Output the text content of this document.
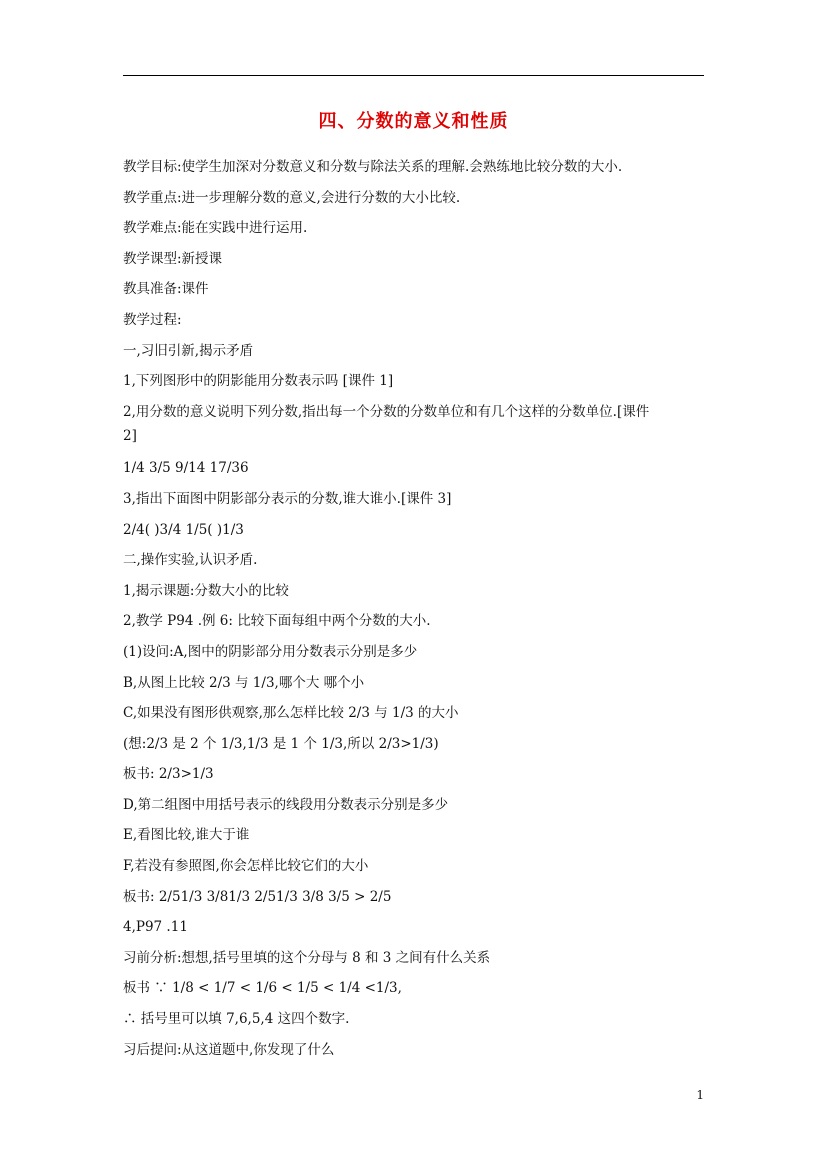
四、分数的意义和性质
教学目标:使学生加深对分数意义和分数与除法关系的理解.会熟练地比较分数的大小.
教学重点:进一步理解分数的意义,会进行分数的大小比较.
教学难点:能在实践中进行运用.
教学课型:新授课
教具准备:课件
教学过程:
一,习旧引新,揭示矛盾
1,下列图形中的阴影能用分数表示吗 [课件 1]
2,用分数的意义说明下列分数,指出每一个分数的分数单位和有几个这样的分数单位.[课件
2]
1/4 3/5 9/14 17/36
3,指出下面图中阴影部分表示的分数,谁大谁小.[课件 3]
2/4( )3/4 1/5( )1/3
二,操作实验,认识矛盾.
1,揭示课题:分数大小的比较
2,教学 P94 .例 6: 比较下面每组中两个分数的大小.
(1)设问:A,图中的阴影部分用分数表示分别是多少
B,从图上比较 2/3 与 1/3,哪个大 哪个小
C,如果没有图形供观察,那么怎样比较 2/3 与 1/3 的大小
(想:2/3 是 2 个 1/3,1/3 是 1 个 1/3,所以 2/3>1/3)
板书: 2/3>1/3
D,第二组图中用括号表示的线段用分数表示分别是多少
E,看图比较,谁大于谁
F,若没有参照图,你会怎样比较它们的大小
板书: 2/51/3 3/81/3 2/51/3 3/8 3/5 > 2/5
4,P97 .11
习前分析:想想,括号里填的这个分母与 8 和 3 之间有什么关系
板书 ∵ 1/8 < 1/7 < 1/6 < 1/5 < 1/4 <1/3,
∴ 括号里可以填 7,6,5,4 这四个数字.
习后提问:从这道题中,你发现了什么
1
